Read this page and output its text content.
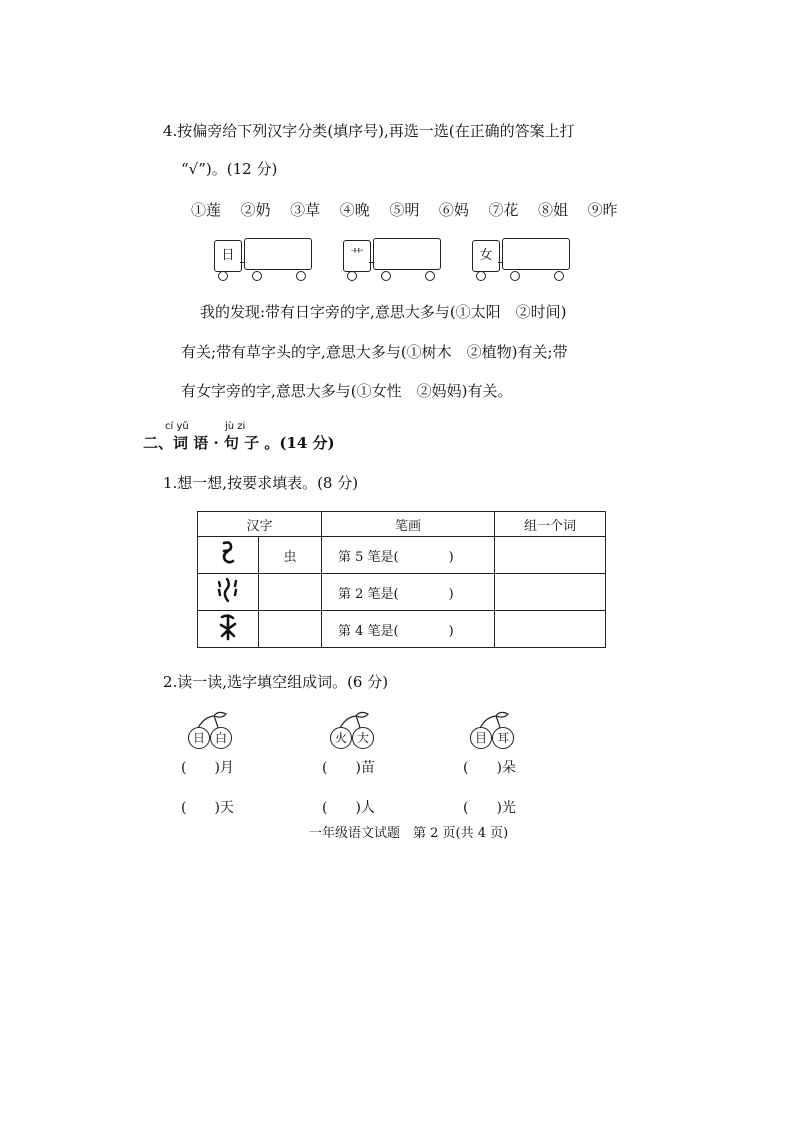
4.按偏旁给下列汉字分类(填序号),再选一选(在正确的答案上打
“√”)。(12 分)
①莲 ②奶 ③草 ④晚 ⑤明 ⑥妈 ⑦花 ⑧姐 ⑨昨
日	艹	女
我的发现:带有日字旁的字,意思大多与(①太阳　②时间)
有关;带有草字头的字,意思大多与(①树木　②植物)有关;带
有女字旁的字,意思大多与(①女性　②妈妈)有关。
cí yǔ	jù zi
二、词 语 · 句 子 。(14 分)
1.想一想,按要求填表。(8 分)
汉字		笔画	组一个词
	虫	第 5 笔是( )	
		第 2 笔是( )	
		第 4 笔是( )	
2.读一读,选字填空组成词。(6 分)
日 白	火 大	目 耳
(　　)月
(　　)天
(　　)苗
(　　)人
(　　)朵
(　　)光
一年级语文试题　第 2 页(共 4 页)
